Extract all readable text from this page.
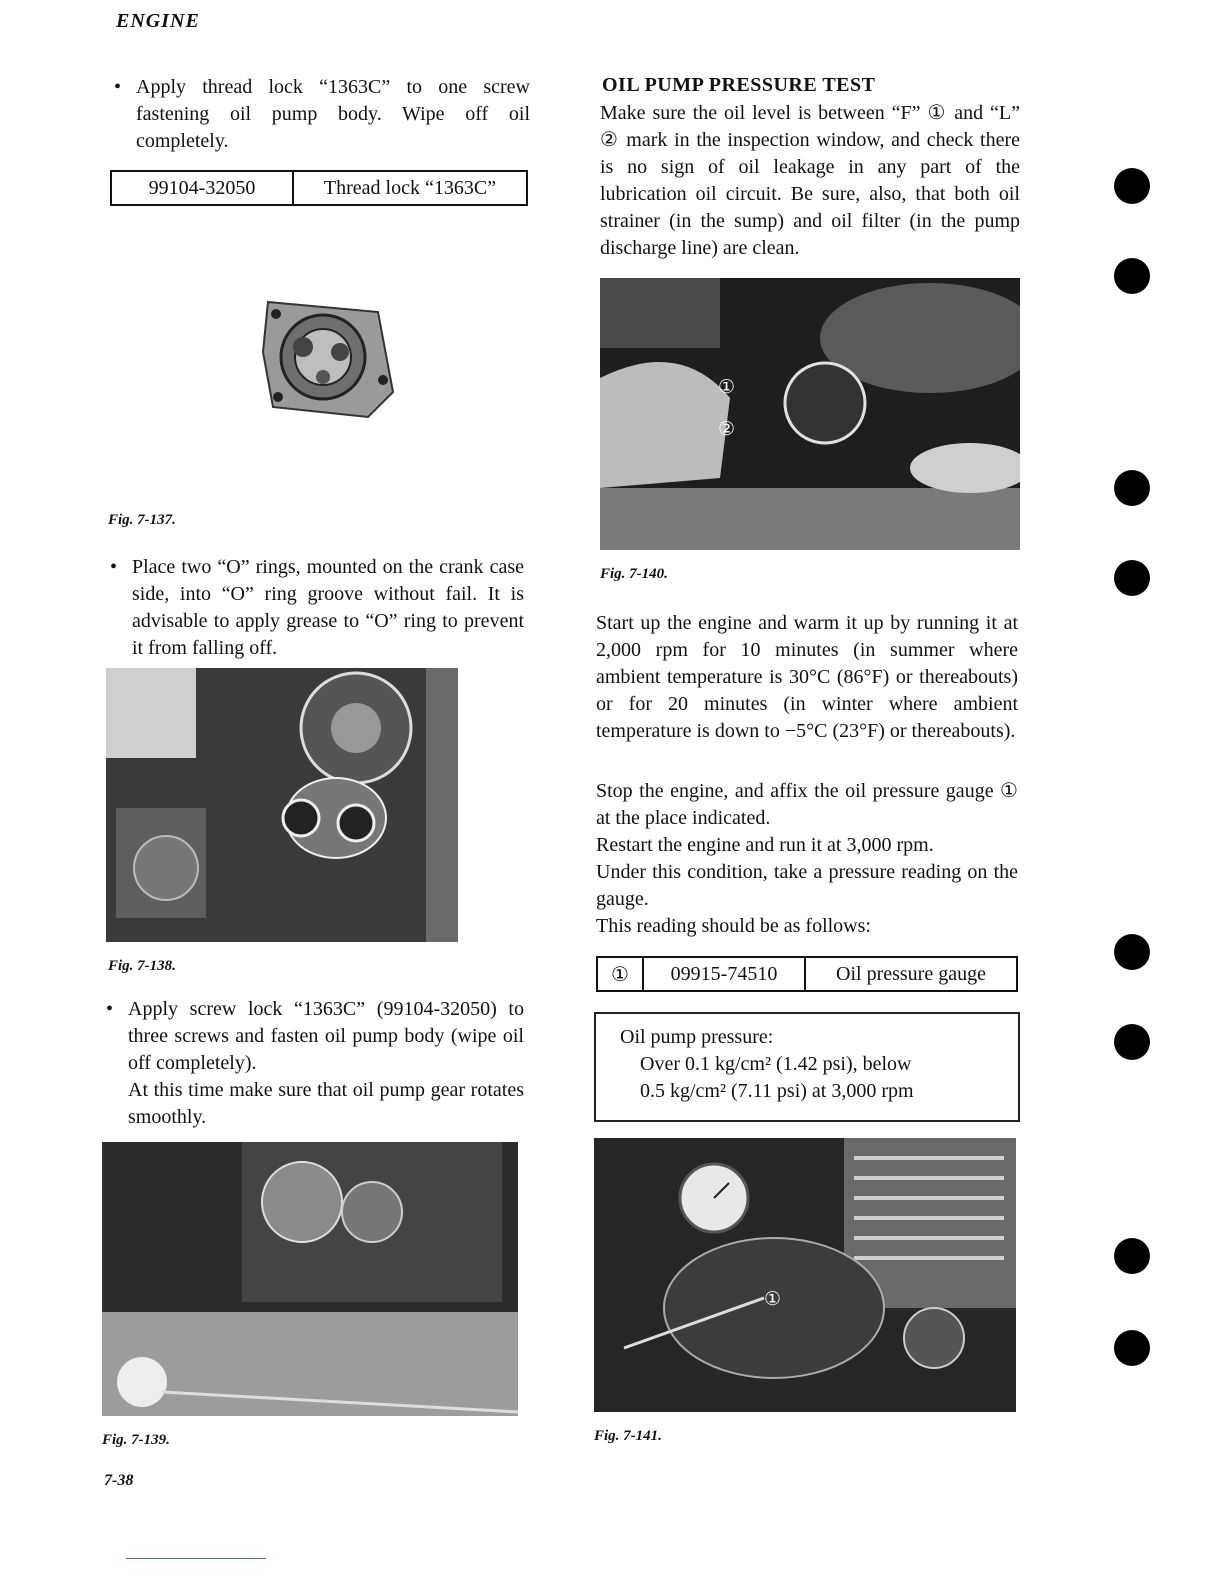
ENGINE
• Apply thread lock “1363C” to one screw fastening oil pump body. Wipe off oil completely.
99104-32050	Thread lock “1363C”
Fig. 7-137.
• Place two “O” rings, mounted on the crank case side, into “O” ring groove without fail. It is advisable to apply grease to “O” ring to prevent it from falling off.
Fig. 7-138.
• Apply screw lock “1363C” (99104-32050) to three screws and fasten oil pump body (wipe oil off completely).
At this time make sure that oil pump gear rotates smoothly.
Fig. 7-139.
7-38
OIL PUMP PRESSURE TEST
Make sure the oil level is between “F” ① and “L” ② mark in the inspection window, and check there is no sign of oil leakage in any part of the lubrication oil circuit. Be sure, also, that both oil strainer (in the sump) and oil filter (in the pump discharge line) are clean.
①
②
Fig. 7-140.
Start up the engine and warm it up by running it at 2,000 rpm for 10 minutes (in summer where ambient temperature is 30°C (86°F) or thereabouts) or for 20 minutes (in winter where ambient temperature is down to −5°C (23°F) or thereabouts).
Stop the engine, and affix the oil pressure gauge ① at the place indicated.
Restart the engine and run it at 3,000 rpm.
Under this condition, take a pressure reading on the gauge.
This reading should be as follows:
①	09915-74510	Oil pressure gauge
Oil pump pressure:
Over 0.1 kg/cm² (1.42 psi), below
0.5 kg/cm² (7.11 psi) at 3,000 rpm
①
Fig. 7-141.
